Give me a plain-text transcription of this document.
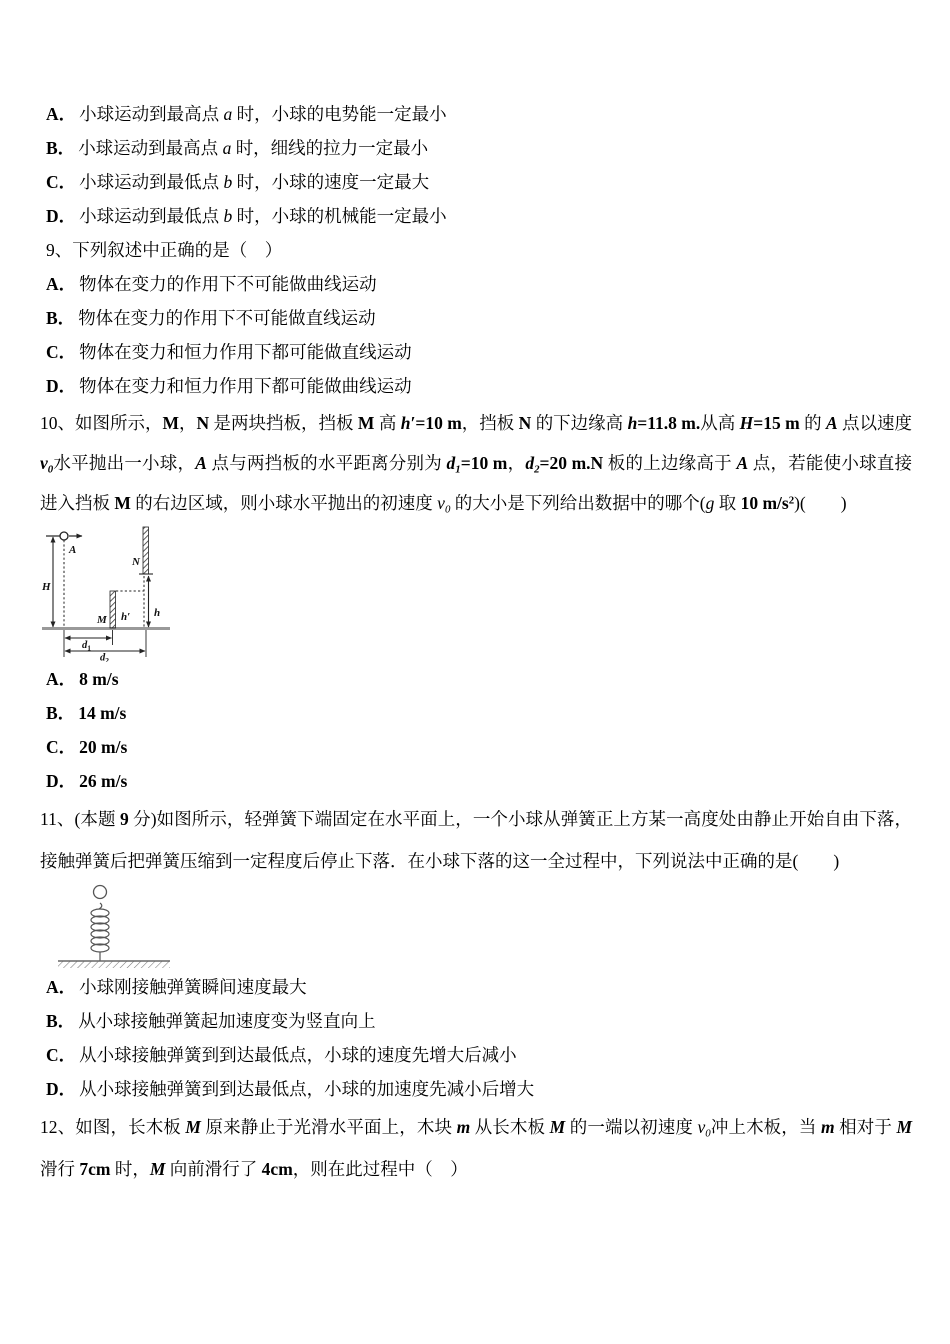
A． 小球运动到最高点 a 时，小球的电势能一定最小

B． 小球运动到最高点 a 时，细线的拉力一定最小

C． 小球运动到最低点 b 时，小球的速度一定最大

D． 小球运动到最低点 b 时，小球的机械能一定最小

9、下列叙述中正确的是（　）

A． 物体在变力的作用下不可能做曲线运动

B． 物体在变力的作用下不可能做直线运动

C． 物体在变力和恒力作用下都可能做直线运动

D． 物体在变力和恒力作用下都可能做曲线运动

10、如图所示，M，N 是两块挡板，挡板 M 高 h′=10 m，挡板 N 的下边缘高 h=11.8 m.从高 H=15 m 的 A 点以速度 $v_0$水平抛出一小球，A 点与两挡板的水平距离分别为 $d_1=10$ m，$d_2=20$ m.N 板的上边缘高于 A 点，若能使小球直接进入挡板 M 的右边区域，则小球水平抛出的初速度 $v_0$ 的大小是下列给出数据中的哪个(g 取 10 $m/s^2$)(　　)

A
H
N
h
M h′
$d_1$
$d_2$

A． 8 m/s

B． 14 m/s

C． 20 m/s

D． 26 m/s

11、(本题 9 分)如图所示，轻弹簧下端固定在水平面上，一个小球从弹簧正上方某一高度处由静止开始自由下落，接触弹簧后把弹簧压缩到一定程度后停止下落．在小球下落的这一全过程中，下列说法中正确的是(　　)

A． 小球刚接触弹簧瞬间速度最大

B． 从小球接触弹簧起加速度变为竖直向上

C． 从小球接触弹簧到到达最低点，小球的速度先增大后减小

D． 从小球接触弹簧到到达最低点，小球的加速度先减小后增大

12、如图，长木板 M 原来静止于光滑水平面上，木块 m 从长木板 M 的一端以初速度 $v_0$冲上木板，当 m 相对于 M 滑行 7cm 时，M 向前滑行了 4cm，则在此过程中（　）
